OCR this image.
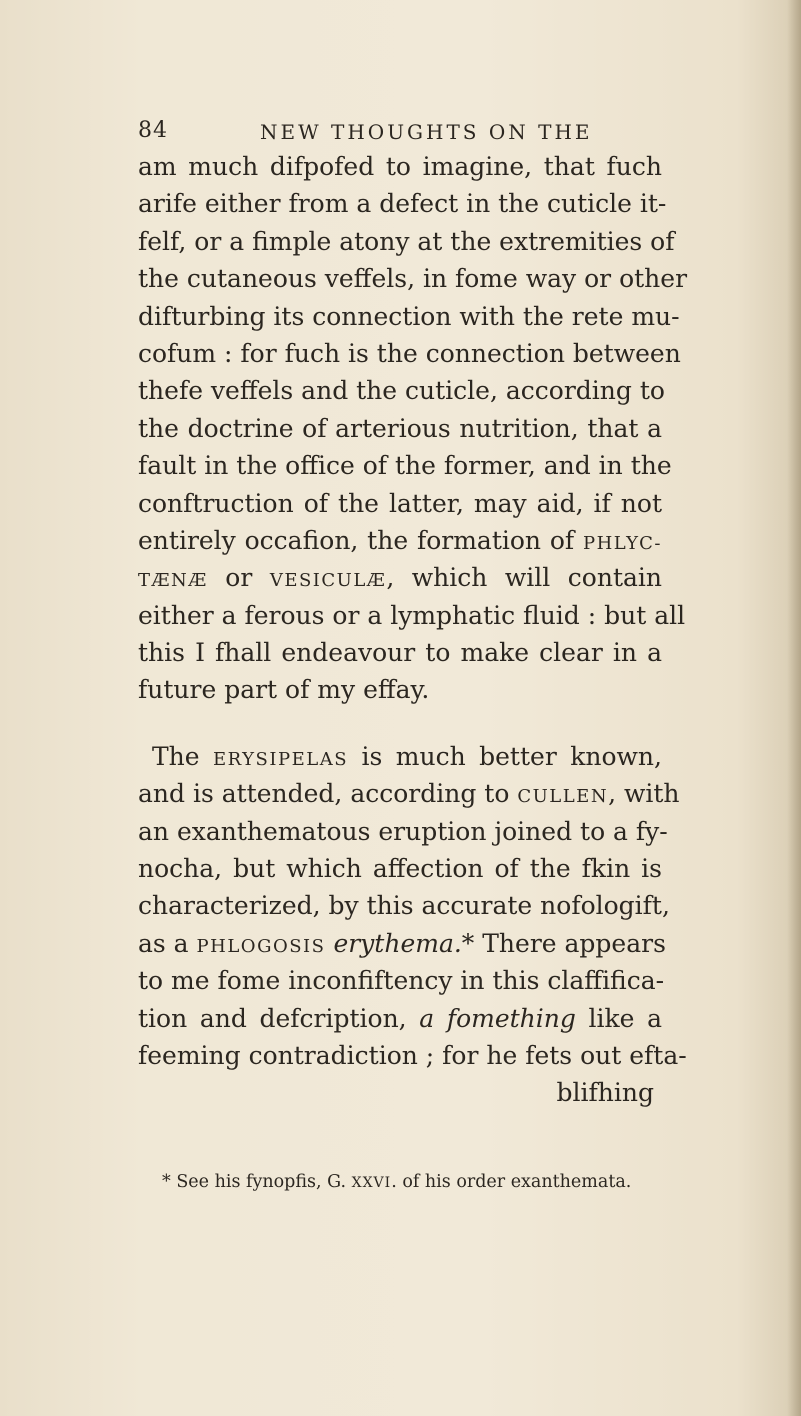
84	NEW THOUGHTS ON THE
am much difpofed to imagine, that fuch
arife either from a defect in the cuticle it-
felf, or a fimple atony at the extremities of
the cutaneous veffels, in fome way or other
difturbing its connection with the rete mu-
cofum : for fuch is the connection between
thefe veffels and the cuticle, according to
the doctrine of arterious nutrition, that a
fault in the office of the former, and in the
conftruction of the latter, may aid, if not
entirely occafion, the formation of PHLYC-
TÆNÆ or VESICULÆ, which will contain
either a ferous or a lymphatic fluid : but all
this I fhall endeavour to make clear in a
future part of my effay.
The ERYSIPELAS is much better known,
and is attended, according to CULLEN, with
an exanthematous eruption joined to a fy-
nocha, but which affection of the fkin is
characterized, by this accurate nofologift,
as a PHLOGOSIS erythema.* There appears
to me fome inconfiftency in this claffifica-
tion and defcription, a fomething like a
feeming contradiction ; for he fets out efta-
blifhing
* See his fynopfis, G. XXVI. of his order exanthemata.
